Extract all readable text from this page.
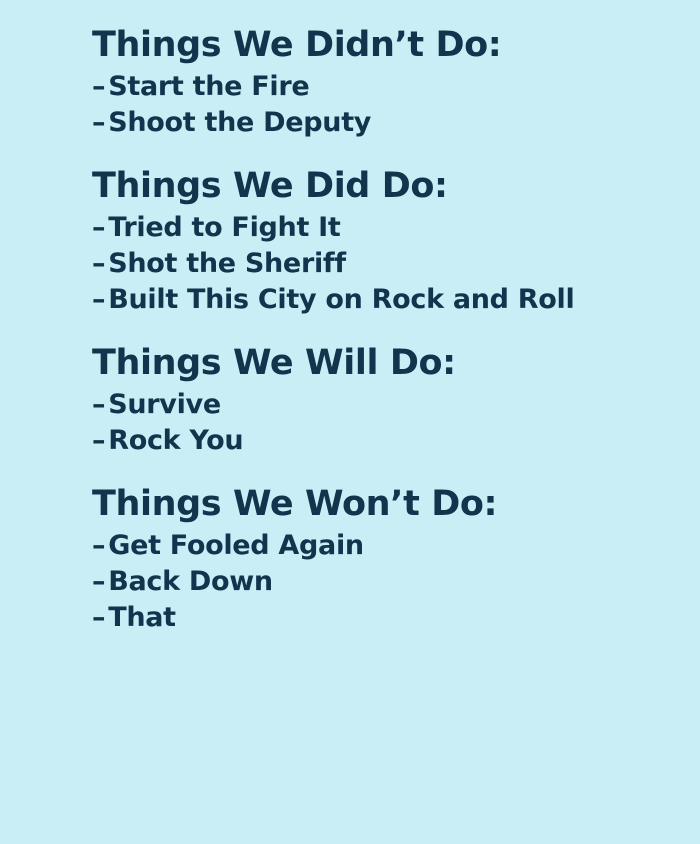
Things We Didn’t Do:
– Start the Fire
– Shoot the Deputy
Things We Did Do:
– Tried to Fight It
– Shot the Sheriff
– Built This City on Rock and Roll
Things We Will Do:
– Survive
– Rock You
Things We Won’t Do:
– Get Fooled Again
– Back Down
– That
